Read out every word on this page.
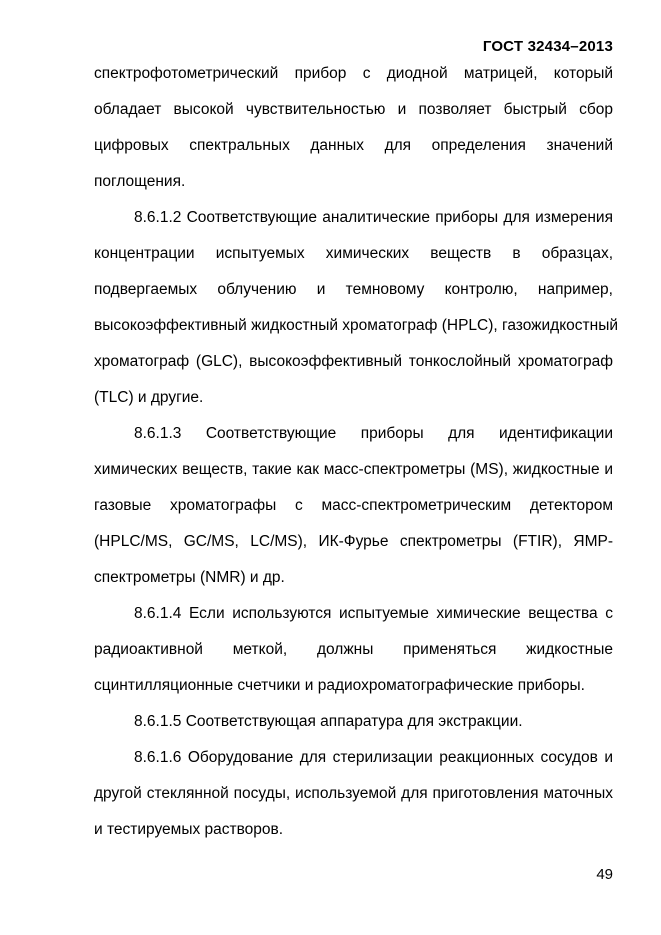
ГОСТ 32434–2013
спектрофотометрический прибор с диодной матрицей, который
обладает высокой чувствительностью и позволяет быстрый сбор
цифровых спектральных данных для определения значений
поглощения.
8.6.1.2 Соответствующие аналитические приборы для измерения
концентрации испытуемых химических веществ в образцах,
подвергаемых облучению и темновому контролю, например,
высокоэффективный жидкостный хроматограф (HPLC), газожидкостный
хроматограф (GLC), высокоэффективный тонкослойный хроматограф
(TLC) и другие.
8.6.1.3 Соответствующие приборы для идентификации
химических веществ, такие как масс-спектрометры (MS), жидкостные и
газовые хроматографы с масс-спектрометрическим детектором
(HPLC/MS, GC/MS, LC/MS), ИК-Фурье спектрометры (FTIR), ЯМР-
спектрометры (NMR) и др.
8.6.1.4 Если используются испытуемые химические вещества с
радиоактивной меткой, должны применяться жидкостные
сцинтилляционные счетчики и радиохроматографические приборы.
8.6.1.5 Соответствующая аппаратура для экстракции.
8.6.1.6 Оборудование для стерилизации реакционных сосудов и
другой стеклянной посуды, используемой для приготовления маточных
и тестируемых растворов.
49
